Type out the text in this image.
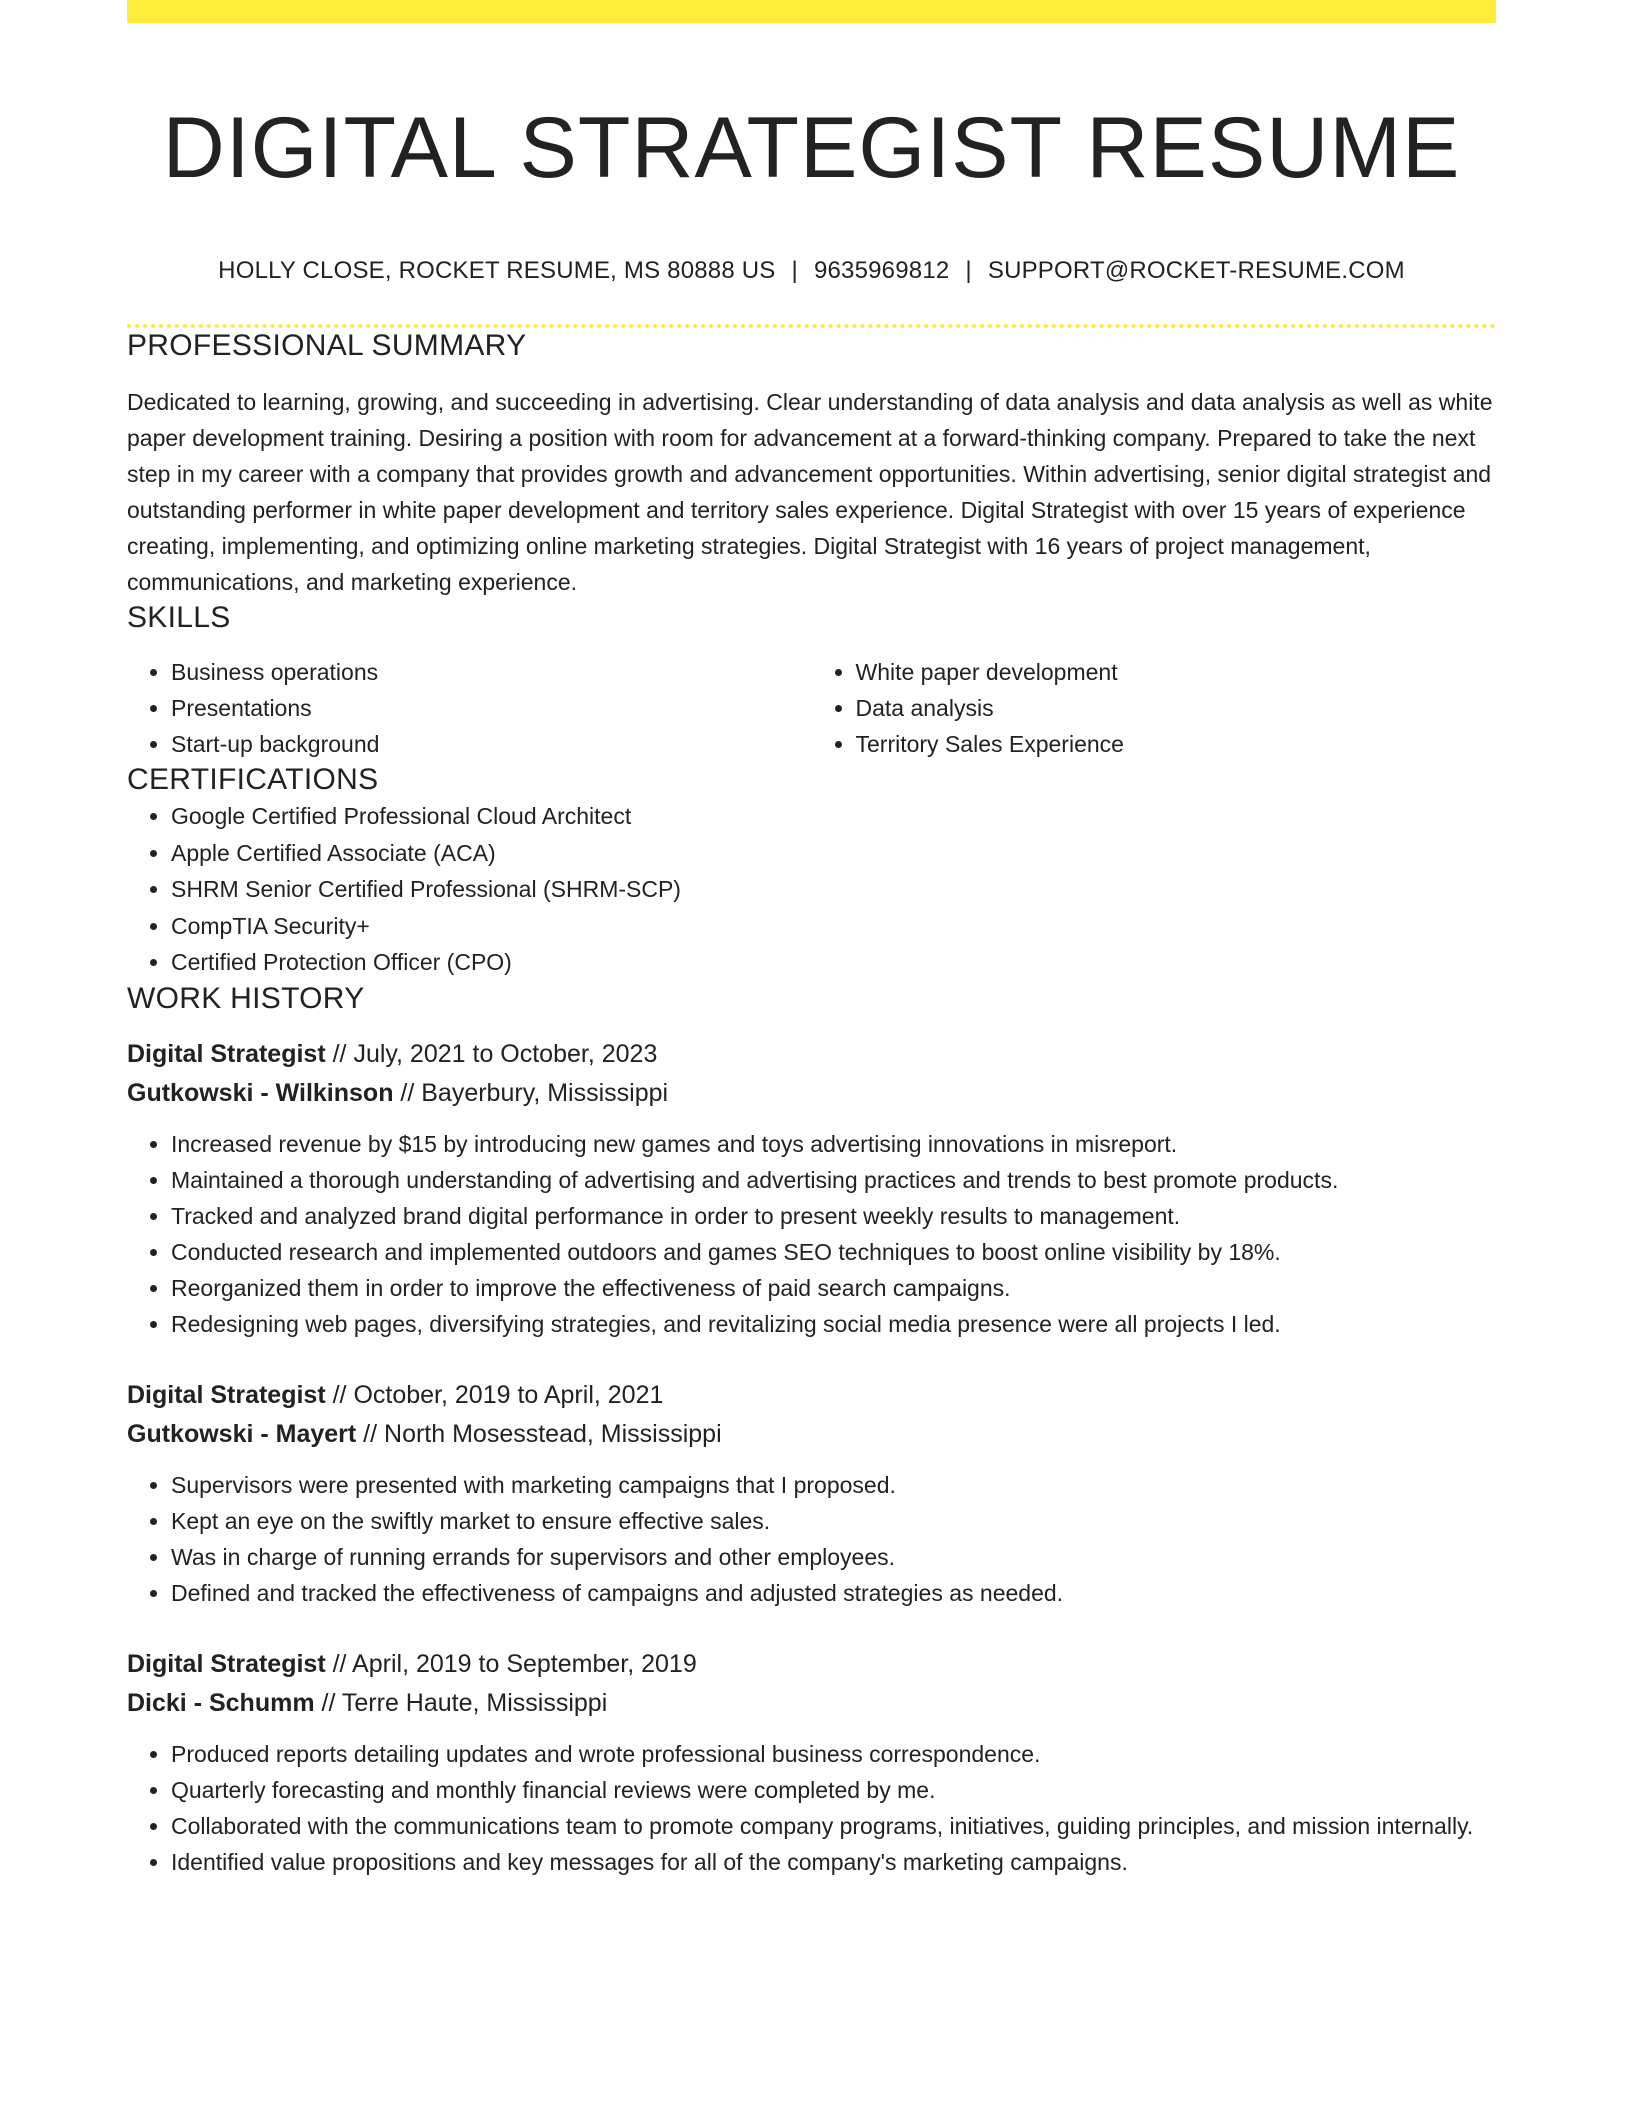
DIGITAL STRATEGIST RESUME
HOLLY CLOSE, ROCKET RESUME, MS 80888 US | 9635969812 | SUPPORT@ROCKET-RESUME.COM
PROFESSIONAL SUMMARY
Dedicated to learning, growing, and succeeding in advertising. Clear understanding of data analysis and data analysis as well as white paper development training. Desiring a position with room for advancement at a forward-thinking company. Prepared to take the next step in my career with a company that provides growth and advancement opportunities. Within advertising, senior digital strategist and outstanding performer in white paper development and territory sales experience. Digital Strategist with over 15 years of experience creating, implementing, and optimizing online marketing strategies. Digital Strategist with 16 years of project management, communications, and marketing experience.
SKILLS
• Business operations
• Presentations
• Start-up background
• White paper development
• Data analysis
• Territory Sales Experience
CERTIFICATIONS
• Google Certified Professional Cloud Architect
• Apple Certified Associate (ACA)
• SHRM Senior Certified Professional (SHRM-SCP)
• CompTIA Security+
• Certified Protection Officer (CPO)
WORK HISTORY
Digital Strategist // July, 2021 to October, 2023
Gutkowski - Wilkinson // Bayerbury, Mississippi
• Increased revenue by $15 by introducing new games and toys advertising innovations in misreport.
• Maintained a thorough understanding of advertising and advertising practices and trends to best promote products.
• Tracked and analyzed brand digital performance in order to present weekly results to management.
• Conducted research and implemented outdoors and games SEO techniques to boost online visibility by 18%.
• Reorganized them in order to improve the effectiveness of paid search campaigns.
• Redesigning web pages, diversifying strategies, and revitalizing social media presence were all projects I led.
Digital Strategist // October, 2019 to April, 2021
Gutkowski - Mayert // North Mosesstead, Mississippi
• Supervisors were presented with marketing campaigns that I proposed.
• Kept an eye on the swiftly market to ensure effective sales.
• Was in charge of running errands for supervisors and other employees.
• Defined and tracked the effectiveness of campaigns and adjusted strategies as needed.
Digital Strategist // April, 2019 to September, 2019
Dicki - Schumm // Terre Haute, Mississippi
• Produced reports detailing updates and wrote professional business correspondence.
• Quarterly forecasting and monthly financial reviews were completed by me.
• Collaborated with the communications team to promote company programs, initiatives, guiding principles, and mission internally.
• Identified value propositions and key messages for all of the company's marketing campaigns.
